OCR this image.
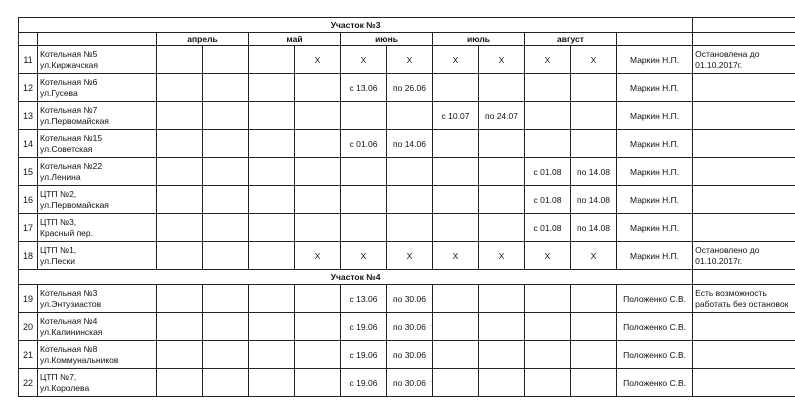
Участок №3													
		апрель		май		июнь		июль		август			
11	Котельная №5
ул.Киржачская				X	X	X	X	X	X	X	Маркин Н.П.	Остановлена до
01.10.2017г.

12	Котельная №6
ул.Гусева					с 13.06	по 26.06					Маркин Н.П.	

13	Котельная №7
ул.Первомайская							с 10.07	по 24.07			Маркин Н.П.	

14	Котельная №15
ул.Советская					с 01.06	по 14.06					Маркин Н.П.	

15	Котельная №22
ул.Ленина									с 01.08	по 14.08	Маркин Н.П.	

16	ЦТП №2,
ул.Первомайская									с 01.08	по 14.08	Маркин Н.П.	

17	ЦТП №3,
Красный пер.									с 01.08	по 14.08	Маркин Н.П.	

18	ЦТП №1,
ул.Пески				X	X	X	X	X	X	X	Маркин Н.П.	Остановлено до
01.10.2017г.

Участок №4													
19	Котельная №3
ул.Энтузиастов					с 13.06	по 30.06					Положенко С.В.	Есть возможность
работать без остановок

20	Котельная №4
ул.Калининская					с 19.06	по 30.06					Положенко С.В.	

21	Котельная №8
ул.Коммунальников					с 19.06	по 30.06					Положенко С.В.	

22	ЦТП №7,
ул.Королева					с 19.06	по 30.06					Положенко С.В.	
